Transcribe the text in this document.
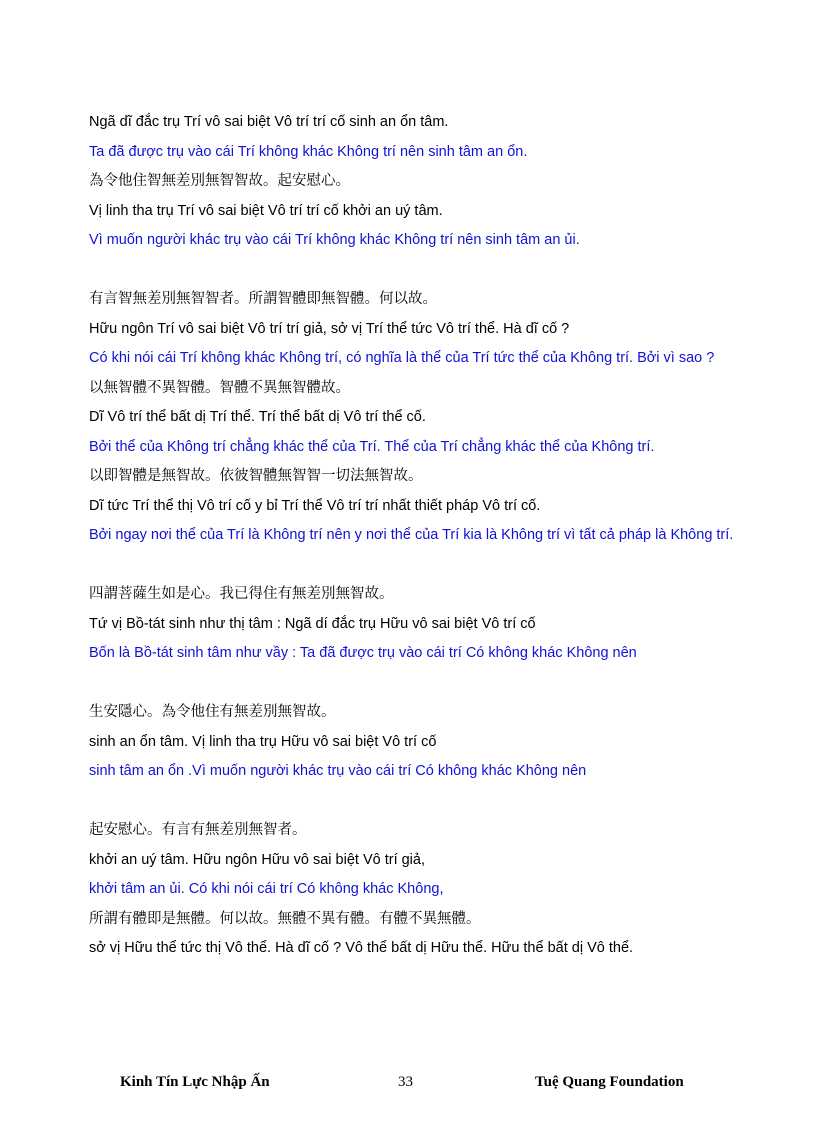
Ngã dĩ đắc trụ Trí vô sai biệt Vô trí trí cố sinh an ổn tâm.
Ta đã được trụ vào cái Trí không khác Không trí nên sinh tâm an ổn.
為令他住智無差別無智智故。起安慰心。
Vị linh tha trụ Trí vô sai biệt Vô trí trí cố khởi an uý tâm.
Vì muốn người khác trụ vào cái Trí không khác Không trí nên sinh tâm an ủi.
有言智無差別無智智者。所謂智體即無智體。何以故。
Hữu ngôn Trí vô sai biệt Vô trí trí giả, sở vị Trí thể tức Vô trí thể. Hà dĩ cố ?
Có khi nói cái Trí không khác Không trí, có nghĩa là thể của Trí tức thể của Không trí. Bởi vì sao ?
以無智體不異智體。智體不異無智體故。
Dĩ Vô trí thể bất dị Trí thể. Trí thể bất dị Vô trí thể cố.
Bởi thể của Không trí chẳng khác thể của Trí. Thể của Trí chẳng khác thể của Không trí.
以即智體是無智故。依彼智體無智智一切法無智故。
Dĩ tức Trí thể thị Vô trí cố y bỉ Trí thể Vô trí trí nhất thiết pháp Vô trí cố.
Bởi ngay nơi thể của Trí là Không trí nên y nơi thể của Trí kia là Không trí vì tất cả pháp là Không trí.
四謂菩薩生如是心。我已得住有無差別無智故。
Tứ vị Bồ-tát sinh như thị tâm : Ngã dí đắc trụ Hữu vô sai biệt Vô trí cố
Bốn là Bồ-tát sinh tâm như vầy : Ta đã được trụ vào cái trí Có không khác Không nên
生安隱心。為令他住有無差別無智故。
sinh an ổn tâm. Vị linh tha trụ Hữu vô sai biệt Vô trí cố
sinh tâm an ổn .Vì muốn người khác trụ vào cái trí Có không khác Không nên
起安慰心。有言有無差別無智者。
khởi an uý tâm. Hữu ngôn Hữu vô sai biệt Vô trí giả,
khởi tâm an ủi. Có khi nói cái trí Có không khác Không,
所謂有體即是無體。何以故。無體不異有體。有體不異無體。
sở vị Hữu thể tức thị Vô thể. Hà dĩ cố ? Vô thể bất dị Hữu thể. Hữu thể bất dị Vô thể.
Kinh Tín Lực Nhập Ấn	33	Tuệ Quang Foundation
